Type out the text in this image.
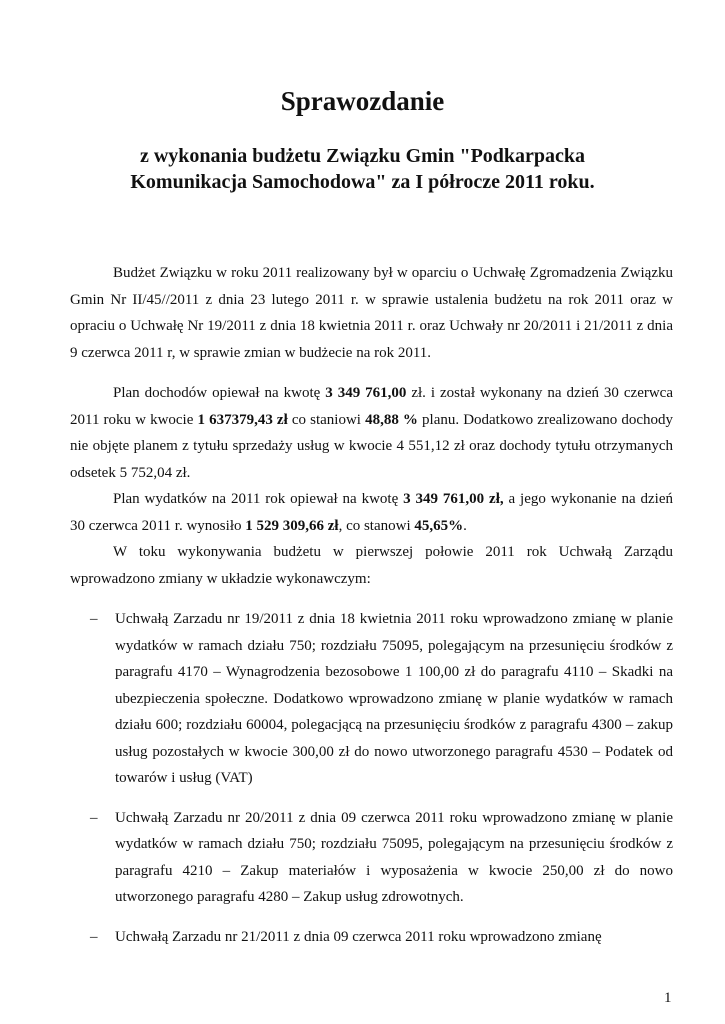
Sprawozdanie
z wykonania budżetu Związku Gmin "Podkarpacka
Komunikacja Samochodowa" za I półrocze 2011 roku.

Budżet Związku w roku 2011 realizowany był w oparciu o Uchwałę Zgromadzenia Związku Gmin Nr II/45//2011 z dnia 23 lutego 2011 r. w sprawie ustalenia budżetu na rok 2011 oraz w opraciu o Uchwałę Nr 19/2011 z dnia 18 kwietnia 2011 r. oraz Uchwały nr 20/2011 i 21/2011 z dnia 9 czerwca 2011 r, w sprawie zmian w budżecie na rok 2011.

Plan dochodów opiewał na kwotę 3 349 761,00 zł. i został wykonany na dzień 30 czerwca 2011 roku w kwocie 1 637379,43 zł co staniowi 48,88 % planu. Dodatkowo zrealizowano dochody nie objęte planem z tytułu sprzedaży usług w kwocie 4 551,12 zł oraz dochody tytułu otrzymanych odsetek 5 752,04 zł.

Plan wydatków na 2011 rok opiewał na kwotę 3 349 761,00 zł, a jego wykonanie na dzień 30 czerwca 2011 r. wynosiło 1 529 309,66 zł, co stanowi 45,65%.

W toku wykonywania budżetu w pierwszej połowie 2011 rok Uchwałą Zarządu wprowadzono zmiany w układzie wykonawczym:

– Uchwałą Zarzadu nr 19/2011 z dnia 18 kwietnia 2011 roku wprowadzono zmianę w planie wydatków w ramach działu 750; rozdziału 75095, polegającym na przesunięciu środków z paragrafu 4170 – Wynagrodzenia bezosobowe 1 100,00 zł do paragrafu 4110 – Skadki na ubezpieczenia społeczne. Dodatkowo wprowadzono zmianę w planie wydatków w ramach działu 600; rozdziału 60004, polegacjącą na przesunięciu środków z paragrafu 4300 – zakup usług pozostałych w kwocie 300,00 zł do nowo utworzonego paragrafu 4530 – Podatek od towarów i usług (VAT)
– Uchwałą Zarzadu nr 20/2011 z dnia 09 czerwca 2011 roku wprowadzono zmianę w planie wydatków w ramach działu 750; rozdziału 75095, polegającym na przesunięciu środków z paragrafu 4210 – Zakup materiałów i wyposażenia w kwocie 250,00 zł do nowo utworzonego paragrafu 4280 – Zakup usług zdrowotnych.
– Uchwałą Zarzadu nr 21/2011 z dnia 09 czerwca 2011 roku wprowadzono zmianę
1
